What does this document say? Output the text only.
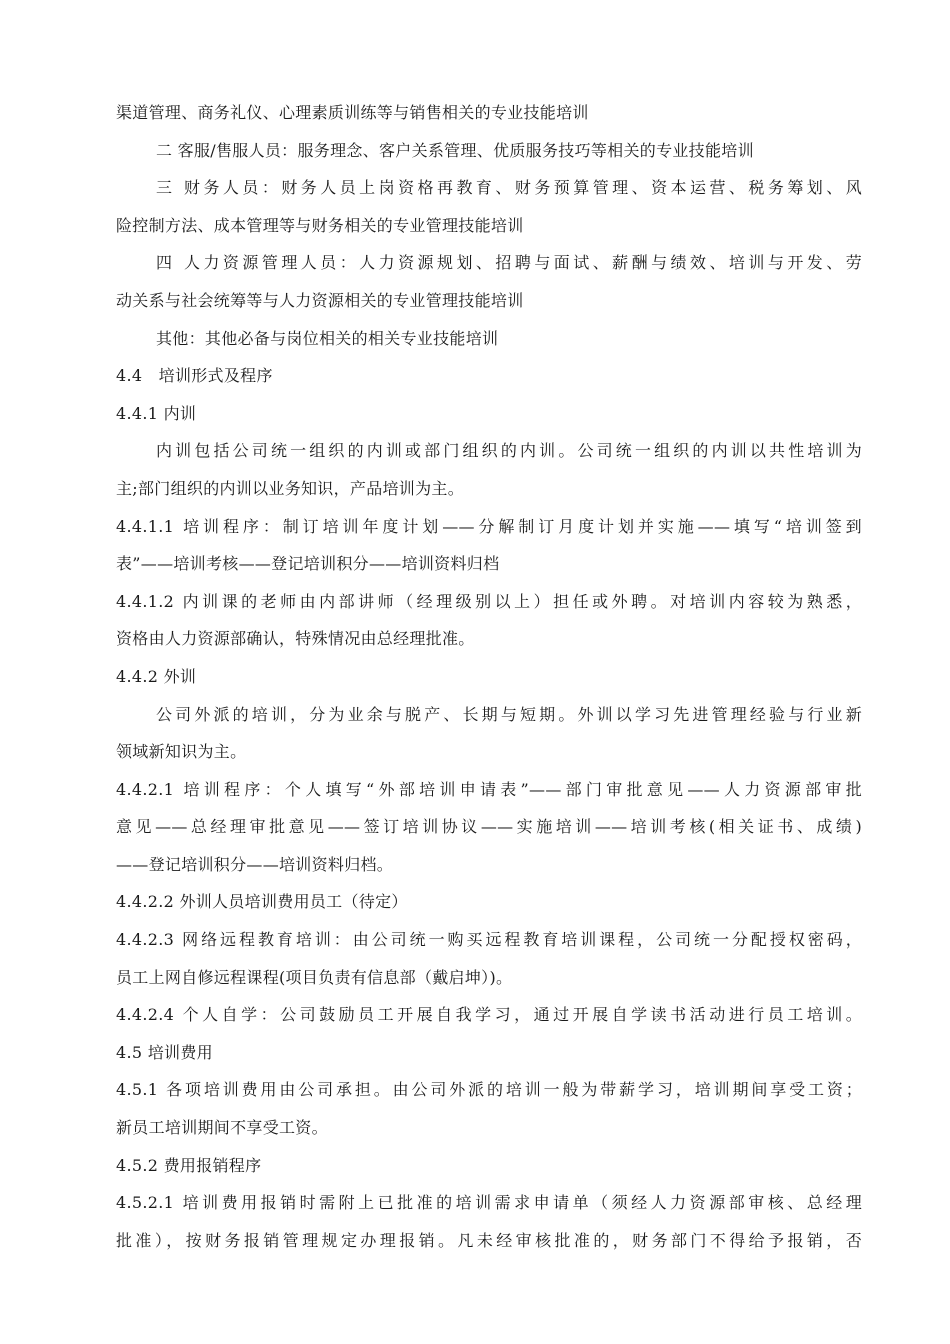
渠道管理、商务礼仪、心理素质训练等与销售相关的专业技能培训
二 客服/售服人员：服务理念、客户关系管理、优质服务技巧等相关的专业技能培训
三 财务人员：财务人员上岗资格再教育、财务预算管理、资本运营、税务筹划、风
险控制方法、成本管理等与财务相关的专业管理技能培训
四 人力资源管理人员：人力资源规划、招聘与面试、薪酬与绩效、培训与开发、劳
动关系与社会统筹等与人力资源相关的专业管理技能培训
其他：其他必备与岗位相关的相关专业技能培训
4.4　培训形式及程序
4.4.1 内训
内训包括公司统一组织的内训或部门组织的内训。公司统一组织的内训以共性培训为
主;部门组织的内训以业务知识，产品培训为主。
4.4.1.1 培训程序：制订培训年度计划——分解制订月度计划并实施——填写“培训签到
表”——培训考核——登记培训积分——培训资料归档
4.4.1.2 内训课的老师由内部讲师（经理级别以上）担任或外聘。对培训内容较为熟悉，
资格由人力资源部确认，特殊情况由总经理批准。
4.4.2 外训
公司外派的培训，分为业余与脱产、长期与短期。外训以学习先进管理经验与行业新
领域新知识为主。
4.4.2.1 培训程序：个人填写“外部培训申请表”——部门审批意见——人力资源部审批
意见——总经理审批意见——签订培训协议——实施培训——培训考核(相关证书、成绩)
——登记培训积分——培训资料归档。
4.4.2.2 外训人员培训费用员工（待定）
4.4.2.3 网络远程教育培训：由公司统一购买远程教育培训课程，公司统一分配授权密码，
员工上网自修远程课程(项目负责有信息部（戴启坤）)。
4.4.2.4 个人自学：公司鼓励员工开展自我学习，通过开展自学读书活动进行员工培训。
4.5 培训费用
4.5.1 各项培训费用由公司承担。由公司外派的培训一般为带薪学习，培训期间享受工资；
新员工培训期间不享受工资。
4.5.2 费用报销程序
4.5.2.1 培训费用报销时需附上已批准的培训需求申请单（须经人力资源部审核、总经理
批准），按财务报销管理规定办理报销。凡未经审核批准的，财务部门不得给予报销，否
